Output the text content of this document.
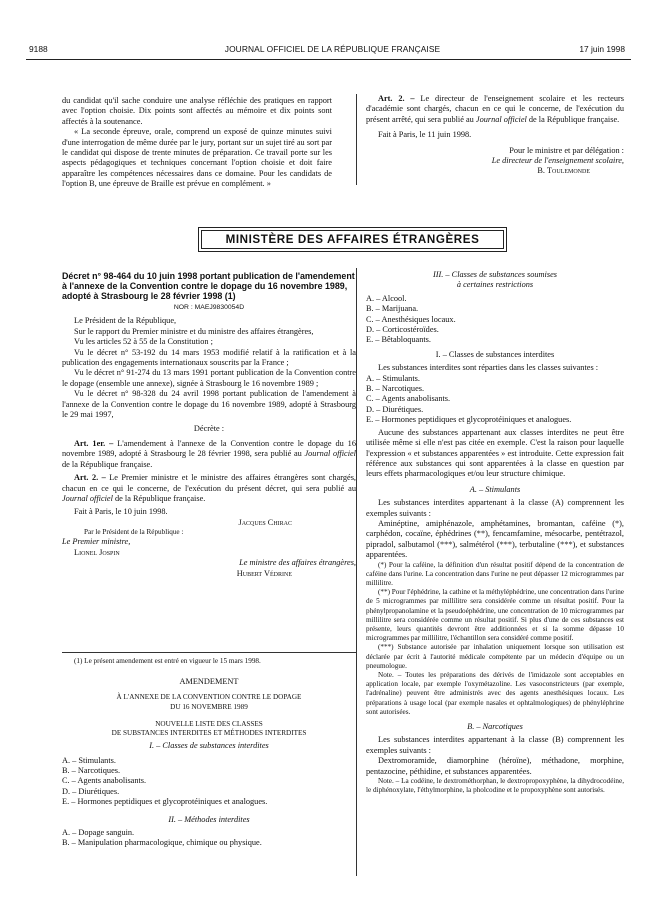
9188	JOURNAL OFFICIEL DE LA RÉPUBLIQUE FRANÇAISE	17 juin 1998

du candidat qu'il sache conduire une analyse réfléchie des pratiques en rapport avec l'option choisie. Dix points sont affectés au mémoire et dix points sont affectés à la soutenance.

« La seconde épreuve, orale, comprend un exposé de quinze minutes suivi d'une interrogation de même durée par le jury, portant sur un sujet tiré au sort par le candidat qui dispose de trente minutes de préparation. Ce travail porte sur les aspects pédagogiques et techniques concernant l'option choisie et doit faire apparaître les compétences nécessaires dans ce domaine. Pour les candidats de l'option B, une épreuve de Braille est prévue en complément. »

Art. 2. – Le directeur de l'enseignement scolaire et les recteurs d'académie sont chargés, chacun en ce qui le concerne, de l'exécution du présent arrêté, qui sera publié au Journal officiel de la République française.

Fait à Paris, le 11 juin 1998.

Pour le ministre et par délégation :

Le directeur de l'enseignement scolaire,

B. Toulemonde

MINISTÈRE DES AFFAIRES ÉTRANGÈRES

Décret n° 98-464 du 10 juin 1998 portant publication de l'amendement à l'annexe de la Convention contre le dopage du 16 novembre 1989, adopté à Strasbourg le 28 février 1998 (1)

NOR : MAEJ9830054D

Le Président de la République,

Sur le rapport du Premier ministre et du ministre des affaires étrangères,

Vu les articles 52 à 55 de la Constitution ;

Vu le décret n° 53-192 du 14 mars 1953 modifié relatif à la ratification et à la publication des engagements internationaux souscrits par la France ;

Vu le décret n° 91-274 du 13 mars 1991 portant publication de la Convention contre le dopage (ensemble une annexe), signée à Strasbourg le 16 novembre 1989 ;

Vu le décret n° 98-328 du 24 avril 1998 portant publication de l'amendement à l'annexe de la Convention contre le dopage du 16 novembre 1989, adopté à Strasbourg le 29 mai 1997,

Décrète :

Art. 1er. – L'amendement à l'annexe de la Convention contre le dopage du 16 novembre 1989, adopté à Strasbourg le 28 février 1998, sera publié au Journal officiel de la République française.

Art. 2. – Le Premier ministre et le ministre des affaires étrangères sont chargés, chacun en ce qui le concerne, de l'exécution du présent décret, qui sera publié au Journal officiel de la République française.

Fait à Paris, le 10 juin 1998.

Jacques Chirac

Par le Président de la République :

Le Premier ministre,

Lionel Jospin

Le ministre des affaires étrangères,

Hubert Védrine

(1) Le présent amendement est entré en vigueur le 15 mars 1998.

AMENDEMENT

À L'ANNEXE DE LA CONVENTION CONTRE LE DOPAGE

DU 16 NOVEMBRE 1989

NOUVELLE LISTE DES CLASSES

DE SUBSTANCES INTERDITES ET MÉTHODES INTERDITES

I. – Classes de substances interdites

A. – Stimulants.

B. – Narcotiques.

C. – Agents anabolisants.

D. – Diurétiques.

E. – Hormones peptidiques et glycoprotéiniques et analogues.

II. – Méthodes interdites

A. – Dopage sanguin.

B. – Manipulation pharmacologique, chimique ou physique.

III. – Classes de substances soumises

à certaines restrictions

A. – Alcool.

B. – Marijuana.

C. – Anesthésiques locaux.

D. – Corticostéroïdes.

E. – Bêtabloquants.

I. – Classes de substances interdites

Les substances interdites sont réparties dans les classes suivantes :

A. – Stimulants.

B. – Narcotiques.

C. – Agents anabolisants.

D. – Diurétiques.

E. – Hormones peptidiques et glycoprotéiniques et analogues.

Aucune des substances appartenant aux classes interdites ne peut être utilisée même si elle n'est pas citée en exemple. C'est la raison pour laquelle l'expression « et substances apparentées » est introduite. Cette expression fait référence aux substances qui sont apparentées à la classe en question par leurs effets pharmacologiques et/ou leur structure chimique.

A. – Stimulants

Les substances interdites appartenant à la classe (A) comprennent les exemples suivants :

Aminéptine, amiphénazole, amphétamines, bromantan, caféine (*), carphédon, cocaïne, éphédrines (**), fencamfamine, mésocarbe, pentétrazol, pipradol, salbutamol (***), salmétérol (***), terbutaline (***), et substances apparentées.

(*) Pour la caféine, la définition d'un résultat positif dépend de la concentration de caféine dans l'urine. La concentration dans l'urine ne peut dépasser 12 microgrammes par millilitre.

(**) Pour l'éphédrine, la cathine et la méthyléphédrine, une concentration dans l'urine de 5 microgrammes par millilitre sera considérée comme un résultat positif. Pour la phénylpropanolamine et la pseudoéphédrine, une concentration de 10 microgrammes par millilitre sera considérée comme un résultat positif. Si plus d'une de ces substances est présente, leurs quantités devront être additionnées et si la somme dépasse 10 microgrammes par millilitre, l'échantillon sera considéré comme positif.

(***) Substance autorisée par inhalation uniquement lorsque son utilisation est déclarée par écrit à l'autorité médicale compétente par un médecin d'équipe ou un pneumologue.

Note. – Toutes les préparations des dérivés de l'imidazole sont acceptables en application locale, par exemple l'oxymétazoline. Les vasoconstricteurs (par exemple, l'adrénaline) peuvent être administrés avec des agents anesthésiques locaux. Les préparations à usage local (par exemple nasales et ophtalmologiques) de phényléphrine sont autorisées.

B. – Narcotiques

Les substances interdites appartenant à la classe (B) comprennent les exemples suivants :

Dextromoramide, diamorphine (héroïne), méthadone, morphine, pentazocine, péthidine, et substances apparentées.

Note. – La codéine, le dextrométhorphan, le dextropropoxyphène, la dihydrocodéine, le diphénoxylate, l'éthylmorphine, la pholcodine et le propoxyphène sont autorisés.
